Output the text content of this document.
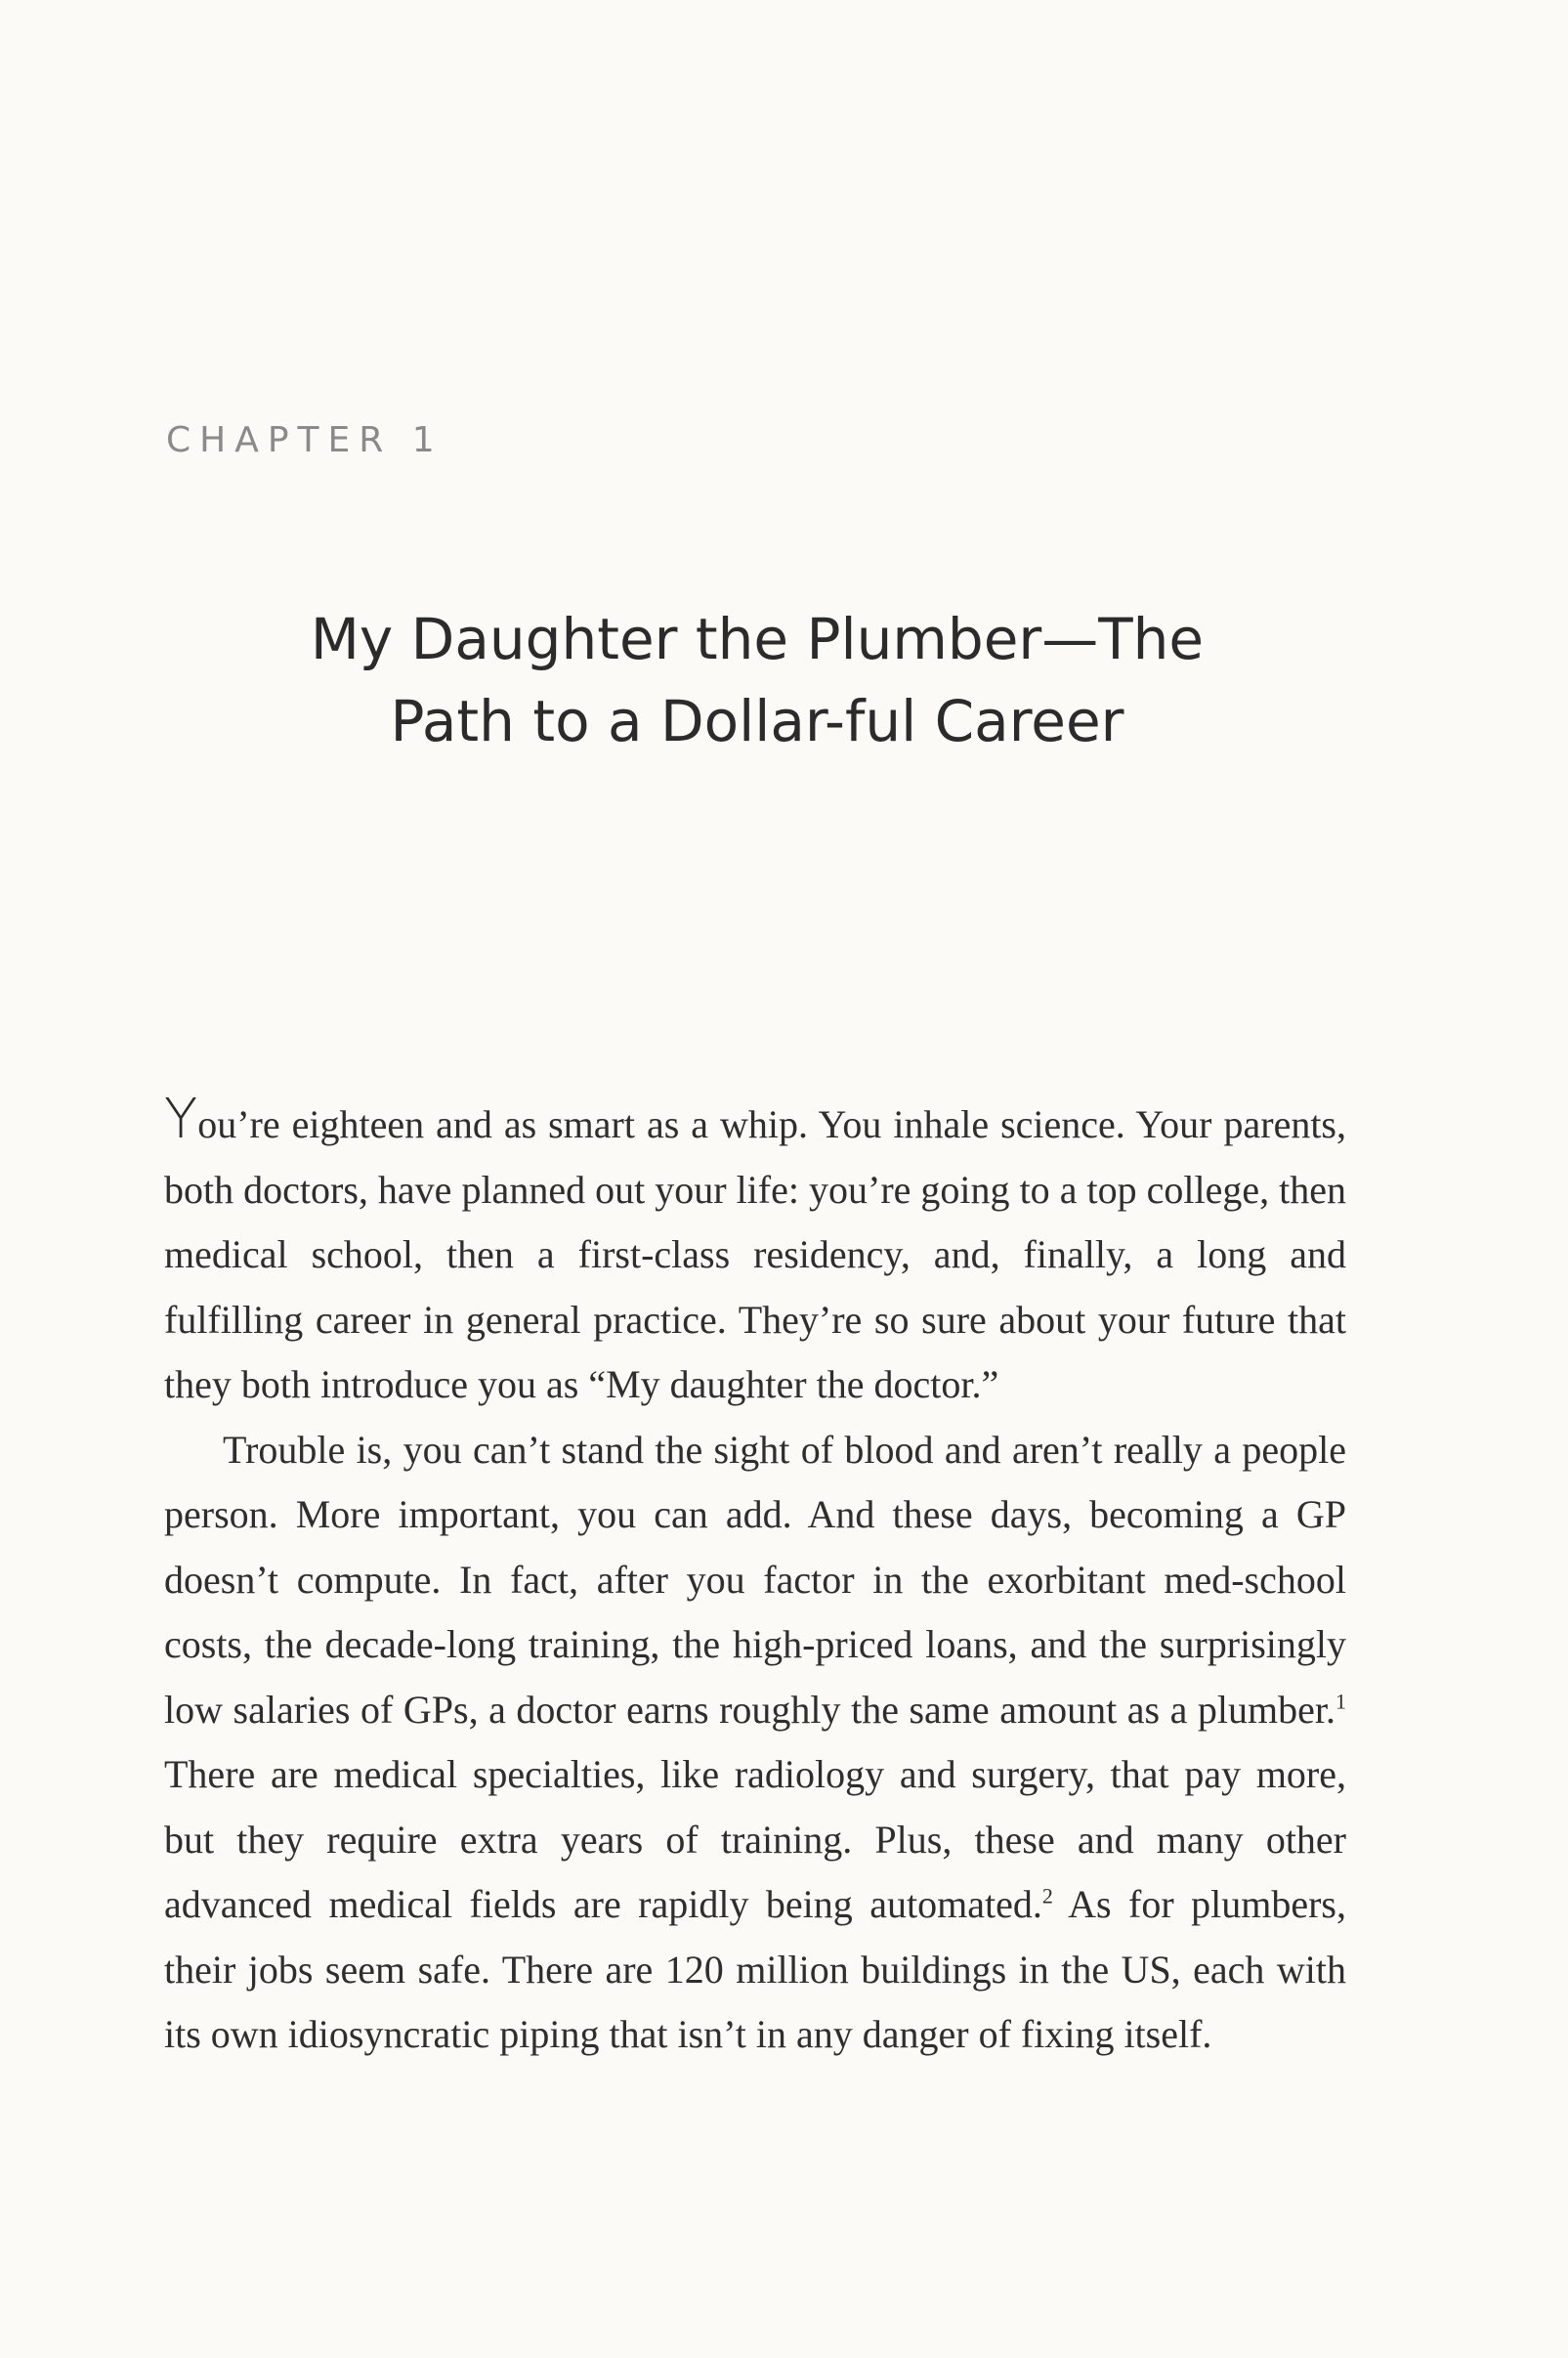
CHAPTER 1
My Daughter the Plumber—The
Path to a Dollar-ful Career

You’re eighteen and as smart as a whip. You inhale science. Your parents, both doctors, have planned out your life: you’re going to a top college, then medical school, then a first-class residency, and, finally, a long and fulfilling career in general practice. They’re so sure about your future that they both introduce you as “My daughter the doctor.”

Trouble is, you can’t stand the sight of blood and aren’t really a people person. More important, you can add. And these days, becoming a GP doesn’t compute. In fact, after you factor in the exorbitant med-school costs, the decade-long training, the high-priced loans, and the surprisingly low salaries of GPs, a doctor earns roughly the same amount as a plumber.$^1$ There are medical specialties, like radiology and surgery, that pay more, but they require extra years of training. Plus, these and many other advanced medical fields are rapidly being automated.$^2$ As for plumbers, their jobs seem safe. There are 120 million buildings in the US, each with its own idiosyncratic piping that isn’t in any danger of fixing itself.
